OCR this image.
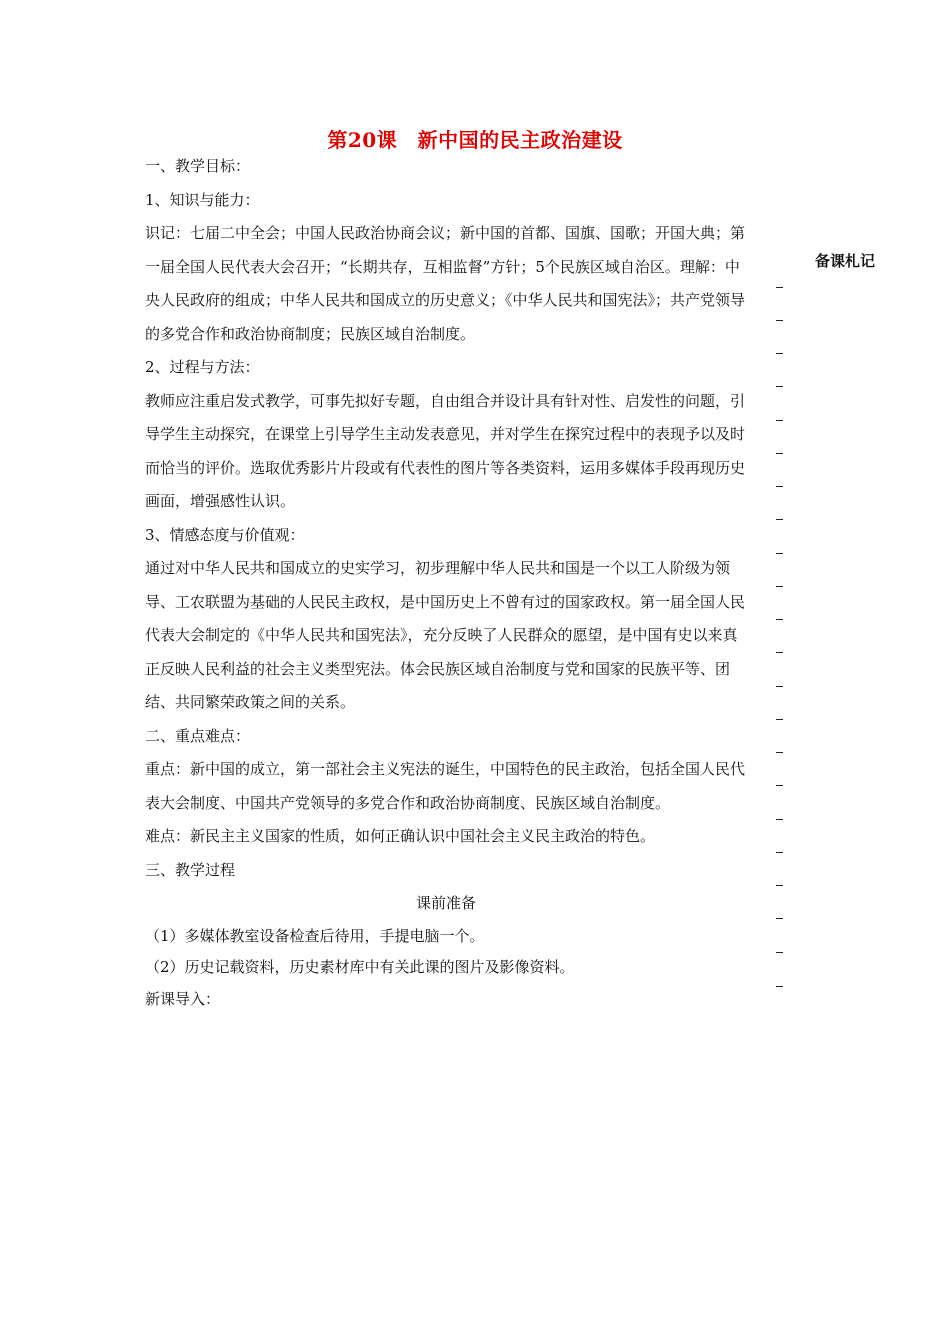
第20课　新中国的民主政治建设

一、教学目标：

1、知识与能力：

识记：七届二中全会；中国人民政治协商会议；新中国的首都、国旗、国歌；开国大典；第一届全国人民代表大会召开；“长期共存，互相监督”方针；5个民族区域自治区。理解：中央人民政府的组成；中华人民共和国成立的历史意义；《中华人民共和国宪法》；共产党领导的多党合作和政治协商制度；民族区域自治制度。

2、过程与方法：

教师应注重启发式教学，可事先拟好专题，自由组合并设计具有针对性、启发性的问题，引导学生主动探究，在课堂上引导学生主动发表意见，并对学生在探究过程中的表现予以及时而恰当的评价。选取优秀影片片段或有代表性的图片等各类资料，运用多媒体手段再现历史画面，增强感性认识。

3、情感态度与价值观：

通过对中华人民共和国成立的史实学习，初步理解中华人民共和国是一个以工人阶级为领导、工农联盟为基础的人民民主政权，是中国历史上不曾有过的国家政权。第一届全国人民代表大会制定的《中华人民共和国宪法》，充分反映了人民群众的愿望，是中国有史以来真正反映人民利益的社会主义类型宪法。体会民族区域自治制度与党和国家的民族平等、团结、共同繁荣政策之间的关系。

二、重点难点：

重点：新中国的成立，第一部社会主义宪法的诞生，中国特色的民主政治，包括全国人民代表大会制度、中国共产党领导的多党合作和政治协商制度、民族区域自治制度。

难点：新民主主义国家的性质，如何正确认识中国社会主义民主政治的特色。

三、教学过程

课前准备

（1）多媒体教室设备检查后待用，手提电脑一个。

（2）历史记载资料，历史素材库中有关此课的图片及影像资料。

新课导入：

备课札记
